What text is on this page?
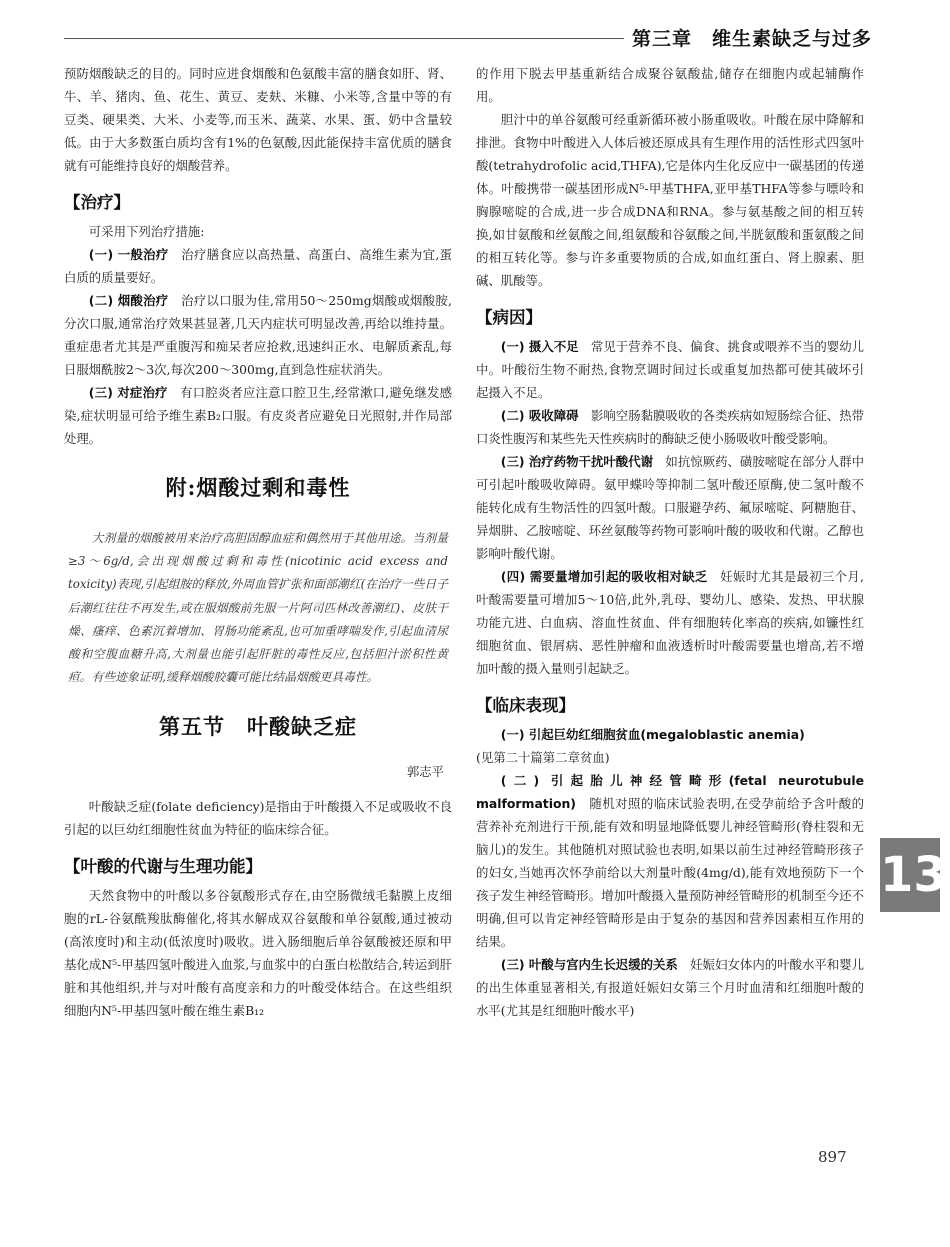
第三章　维生素缺乏与过多

预防烟酸缺乏的目的。同时应进食烟酸和色氨酸丰富的膳食如肝、肾、牛、羊、猪肉、鱼、花生、黄豆、麦麸、米糠、小米等,含量中等的有豆类、硬果类、大米、小麦等,而玉米、蔬菜、水果、蛋、奶中含量较低。由于大多数蛋白质均含有1%的色氨酸,因此能保持丰富优质的膳食就有可能维持良好的烟酸营养。

【治疗】

可采用下列治疗措施:

(一) 一般治疗　治疗膳食应以高热量、高蛋白、高维生素为宜,蛋白质的质量要好。

(二) 烟酸治疗　治疗以口服为佳,常用50～250mg烟酸或烟酸胺,分次口服,通常治疗效果甚显著,几天内症状可明显改善,再给以维持量。重症患者尤其是严重腹泻和痴呆者应抢救,迅速纠正水、电解质紊乱,每日服烟酰胺2～3次,每次200～300mg,直到急性症状消失。

(三) 对症治疗　有口腔炎者应注意口腔卫生,经常漱口,避免继发感染,症状明显可给予维生素B₂口服。有皮炎者应避免日光照射,并作局部处理。

附:烟酸过剩和毒性

大剂量的烟酸被用来治疗高胆固醇血症和偶然用于其他用途。当剂量≥3～6g/d,会出现烟酸过剩和毒性(nicotinic acid excess and toxicity)表现,引起组胺的释放,外周血管扩张和面部潮红(在治疗一些日子后潮红往往不再发生,或在服烟酸前先服一片阿司匹林改善潮红)、皮肤干燥、瘙痒、色素沉着增加、胃肠功能紊乱,也可加重哮喘发作,引起血清尿酸和空腹血糖升高,大剂量也能引起肝脏的毒性反应,包括胆汁淤积性黄疸。有些迹象证明,缓释烟酸胶囊可能比结晶烟酸更具毒性。

第五节　叶酸缺乏症
郭志平

叶酸缺乏症(folate deficiency)是指由于叶酸摄入不足或吸收不良引起的以巨幼红细胞性贫血为特征的临床综合征。

【叶酸的代谢与生理功能】

天然食物中的叶酸以多谷氨酸形式存在,由空肠微绒毛黏膜上皮细胞的rL-谷氨酰羧肽酶催化,将其水解成双谷氨酸和单谷氨酸,通过被动(高浓度时)和主动(低浓度时)吸收。进入肠细胞后单谷氨酸被还原和甲基化成N⁵-甲基四氢叶酸进入血浆,与血浆中的白蛋白松散结合,转运到肝脏和其他组织,并与对叶酸有高度亲和力的叶酸受体结合。在这些组织细胞内N⁵-甲基四氢叶酸在维生素B₁₂

的作用下脱去甲基重新结合成聚谷氨酸盐,储存在细胞内或起辅酶作用。

胆汁中的单谷氨酸可经重新循环被小肠重吸收。叶酸在尿中降解和排泄。食物中叶酸进入人体后被还原成具有生理作用的活性形式四氢叶酸(tetrahydrofolic acid,THFA),它是体内生化反应中一碳基团的传递体。叶酸携带一碳基团形成N⁵-甲基THFA,亚甲基THFA等参与嘌呤和胸腺嘧啶的合成,进一步合成DNA和RNA。参与氨基酸之间的相互转换,如甘氨酸和丝氨酸之间,组氨酸和谷氨酸之间,半胱氨酸和蛋氨酸之间的相互转化等。参与许多重要物质的合成,如血红蛋白、肾上腺素、胆碱、肌酸等。

【病因】

(一) 摄入不足　常见于营养不良、偏食、挑食或喂养不当的婴幼儿中。叶酸衍生物不耐热,食物烹调时间过长或重复加热都可使其破坏引起摄入不足。

(二) 吸收障碍　影响空肠黏膜吸收的各类疾病如短肠综合征、热带口炎性腹泻和某些先天性疾病时的酶缺乏使小肠吸收叶酸受影响。

(三) 治疗药物干扰叶酸代谢　如抗惊厥药、磺胺嘧啶在部分人群中可引起叶酸吸收障碍。氨甲蝶呤等抑制二氢叶酸还原酶,使二氢叶酸不能转化成有生物活性的四氢叶酸。口服避孕药、氟尿嘧啶、阿糖胞苷、异烟肼、乙胺嘧啶、环丝氨酸等药物可影响叶酸的吸收和代谢。乙醇也影响叶酸代谢。

(四) 需要量增加引起的吸收相对缺乏　妊娠时尤其是最初三个月,叶酸需要量可增加5～10倍,此外,乳母、婴幼儿、感染、发热、甲状腺功能亢进、白血病、溶血性贫血、伴有细胞转化率高的疾病,如镰性红细胞贫血、银屑病、恶性肿瘤和血液透析时叶酸需要量也增高,若不增加叶酸的摄入量则引起缺乏。

【临床表现】

(一) 引起巨幼红细胞贫血(megaloblastic anemia)

(见第二十篇第二章贫血)

(二) 引起胎儿神经管畸形(fetal neurotubule malformation)　随机对照的临床试验表明,在受孕前给予含叶酸的营养补充剂进行干预,能有效和明显地降低婴儿神经管畸形(脊柱裂和无脑儿)的发生。其他随机对照试验也表明,如果以前生过神经管畸形孩子的妇女,当她再次怀孕前给以大剂量叶酸(4mg/d),能有效地预防下一个孩子发生神经管畸形。增加叶酸摄入量预防神经管畸形的机制至今还不明确,但可以肯定神经管畸形是由于复杂的基因和营养因素相互作用的结果。

(三) 叶酸与宫内生长迟缓的关系　妊娠妇女体内的叶酸水平和婴儿的出生体重显著相关,有报道妊娠妇女第三个月时血清和红细胞叶酸的水平(尤其是红细胞叶酸水平)

13
897
